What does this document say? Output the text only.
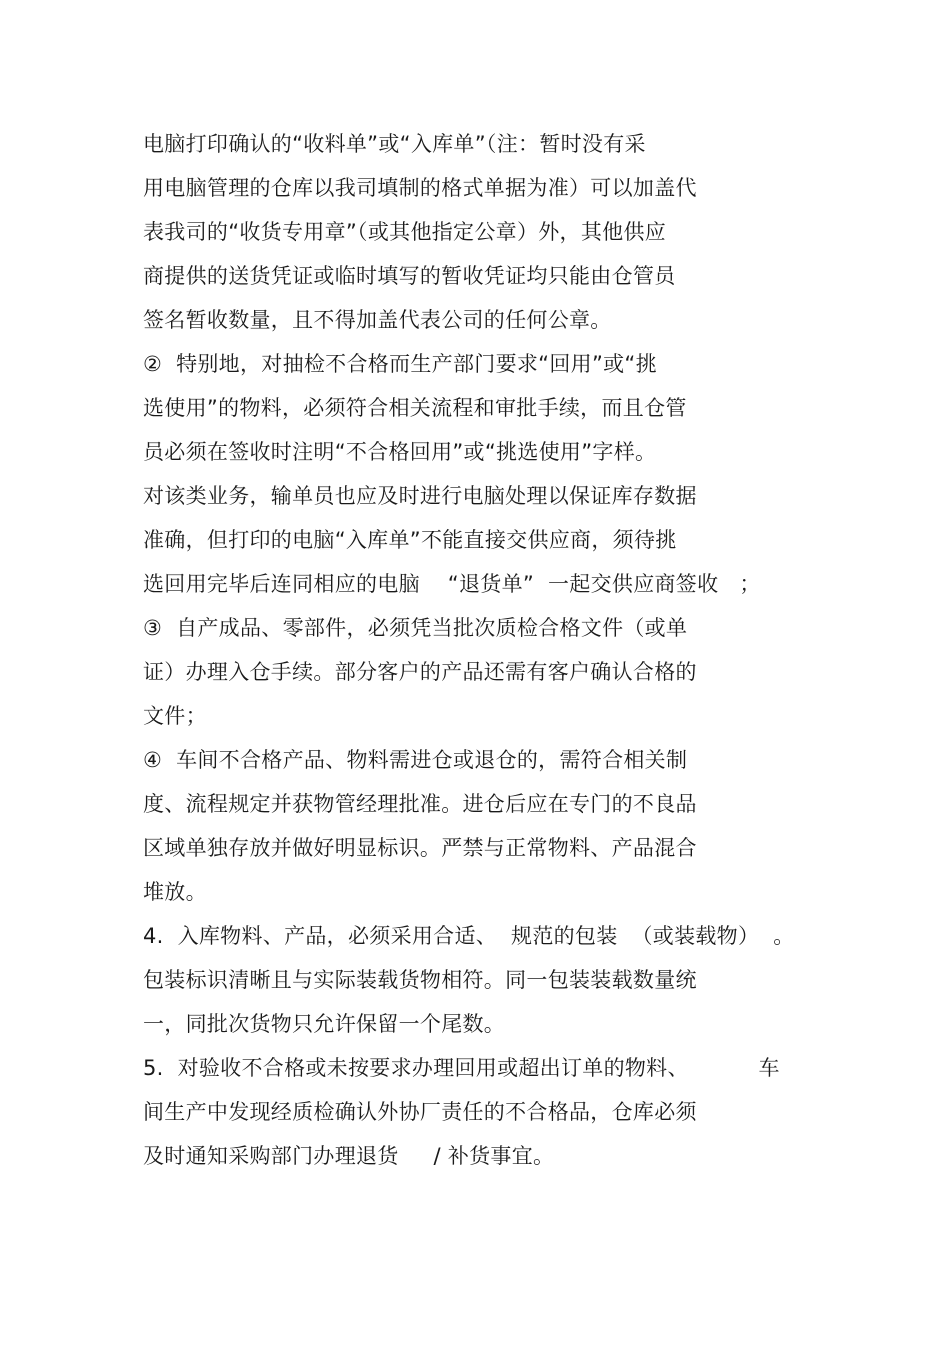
电脑打印确认的“收料单”或“入库单”（注：暂时没有采
用电脑管理的仓库以我司填制的格式单据为准）可以加盖代
表我司的“收货专用章”（或其他指定公章）外，其他供应
商提供的送货凭证或临时填写的暂收凭证均只能由仓管员
签名暂收数量，且不得加盖代表公司的任何公章。
②  特别地，对抽检不合格而生产部门要求“回用”或“挑
选使用”的物料，必须符合相关流程和审批手续，而且仓管
员必须在签收时注明“不合格回用”或“挑选使用”字样。
对该类业务，输单员也应及时进行电脑处理以保证库存数据
准确，但打印的电脑“入库单”不能直接交供应商，须待挑
选回用完毕后连同相应的电脑    “退货单”  一起交供应商签收   ；
③  自产成品、零部件，必须凭当批次质检合格文件（或单
证）办理入仓手续。部分客户的产品还需有客户确认合格的
文件；
④  车间不合格产品、物料需进仓或退仓的，需符合相关制
度、流程规定并获物管经理批准。进仓后应在专门的不良品
区域单独存放并做好明显标识。严禁与正常物料、产品混合
堆放。
4.  入库物料、产品，必须采用合适、  规范的包装  （或装载物）  。
包装标识清晰且与实际装载货物相符。同一包装装载数量统
一，同批次货物只允许保留一个尾数。
5.  对验收不合格或未按要求办理回用或超出订单的物料、          车
间生产中发现经质检确认外协厂责任的不合格品，仓库必须
及时通知采购部门办理退货     / 补货事宜。
